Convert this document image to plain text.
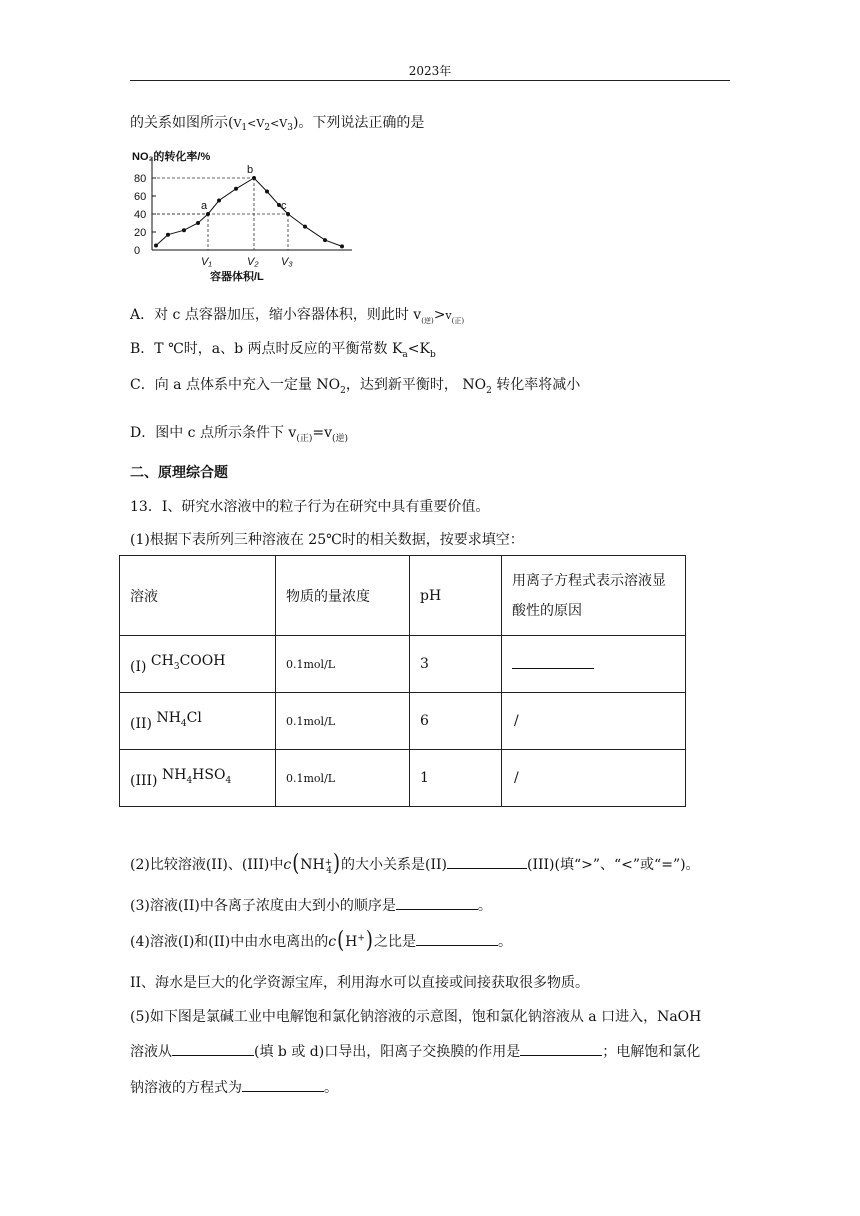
2023年
的关系如图所示$(V_1<V_2<V_3)$。下列说法正确的是
NO₂的转化率/%
0
20
40
60
80
V₁	V₂ V₃
a
b
c
容器体积/L
A．对 c 点容器加压，缩小容器体积，则此时 $v_{(逆)}>v_{(正)}$
B．T ℃时，a、b 两点时反应的平衡常数 $K_a<K_b$
C．向 a 点体系中充入一定量 $NO_2$，达到新平衡时， $NO_2$ 转化率将减小
D．图中 c 点所示条件下 $v_{(正)}=v_{(逆)}$
二、原理综合题
13．I、研究水溶液中的粒子行为在研究中具有重要价值。
(1)根据下表所列三种溶液在 25℃时的相关数据，按要求填空：
溶液	物质的量浓度	pH	用离子方程式表示溶液显
酸性的原因
(I) $^{CH_3COOH}$	0.1mol/L	3	
(II) $^{NH_4Cl}$	0.1mol/L	6	/
(III) $^{NH_4HSO_4}$	0.1mol/L	1	/
(2)比较溶液(II)、(III)中$c(NH_{+4})$的大小关系是(II)	(III)(填“>”、“<”或“=”)。
(3)溶液(II)中各离子浓度由大到小的顺序是	。
(4)溶液(I)和(II)中由水电离出的c(H+)之比是	。
II、海水是巨大的化学资源宝库，利用海水可以直接或间接获取很多物质。
(5)如下图是氯碱工业中电解饱和氯化钠溶液的示意图，饱和氯化钠溶液从 a 口进入，NaOH
溶液从	(填 b 或 d)口导出，阳离子交换膜的作用是	；电解饱和氯化
钠溶液的方程式为	。
